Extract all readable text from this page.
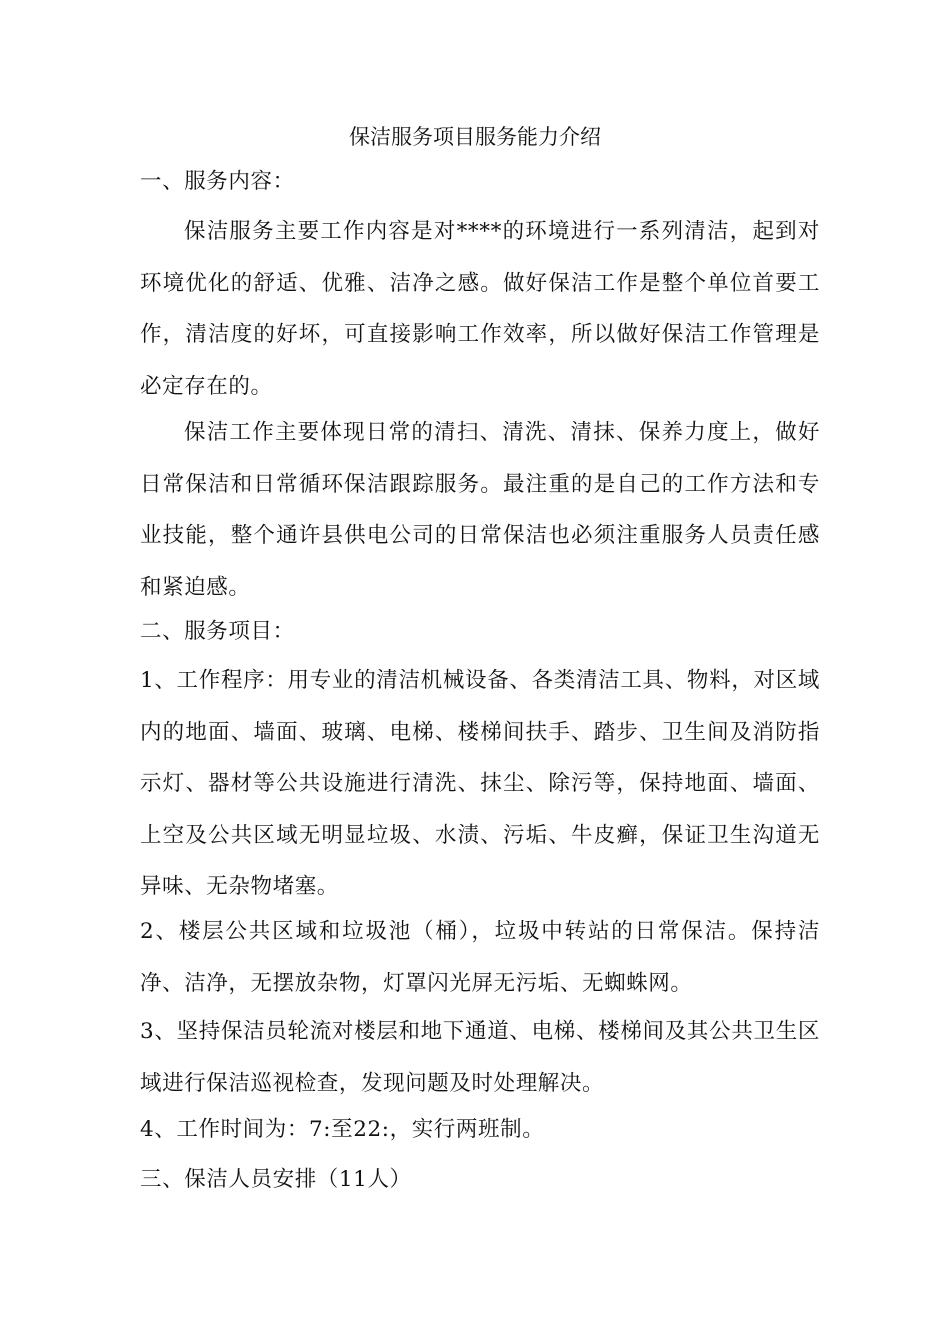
保洁服务项目服务能力介绍
一、服务内容：
保洁服务主要工作内容是对****的环境进行一系列清洁，起到对环境优化的舒适、优雅、洁净之感。做好保洁工作是整个单位首要工作，清洁度的好坏，可直接影响工作效率，所以做好保洁工作管理是必定存在的。
保洁工作主要体现日常的清扫、清洗、清抹、保养力度上，做好日常保洁和日常循环保洁跟踪服务。最注重的是自己的工作方法和专业技能，整个通许县供电公司的日常保洁也必须注重服务人员责任感和紧迫感。
二、服务项目：
1、工作程序：用专业的清洁机械设备、各类清洁工具、物料，对区域内的地面、墙面、玻璃、电梯、楼梯间扶手、踏步、卫生间及消防指示灯、器材等公共设施进行清洗、抹尘、除污等，保持地面、墙面、上空及公共区域无明显垃圾、水渍、污垢、牛皮癣，保证卫生沟道无异味、无杂物堵塞。
2、楼层公共区域和垃圾池（桶），垃圾中转站的日常保洁。保持洁净、洁净，无摆放杂物，灯罩闪光屏无污垢、无蜘蛛网。
3、坚持保洁员轮流对楼层和地下通道、电梯、楼梯间及其公共卫生区域进行保洁巡视检查，发现问题及时处理解决。
4、工作时间为：7:至22:，实行两班制。
三、保洁人员安排（11人）
